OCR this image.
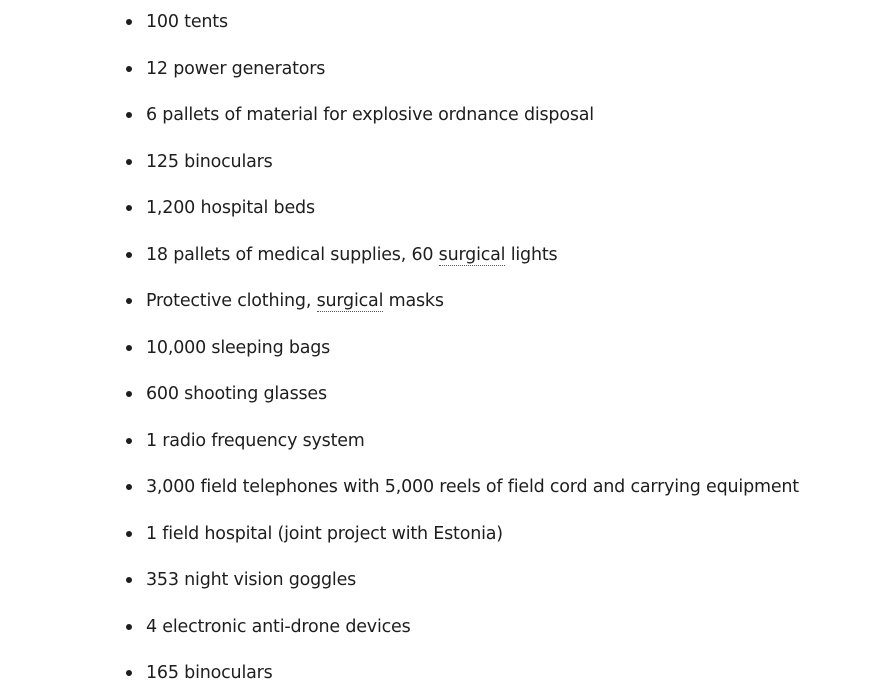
100 tents
12 power generators
6 pallets of material for explosive ordnance disposal
125 binoculars
1,200 hospital beds
18 pallets of medical supplies, 60 surgical lights
Protective clothing, surgical masks
10,000 sleeping bags
600 shooting glasses
1 radio frequency system
3,000 field telephones with 5,000 reels of field cord and carrying equipment
1 field hospital (joint project with Estonia)
353 night vision goggles
4 electronic anti-drone devices
165 binoculars
